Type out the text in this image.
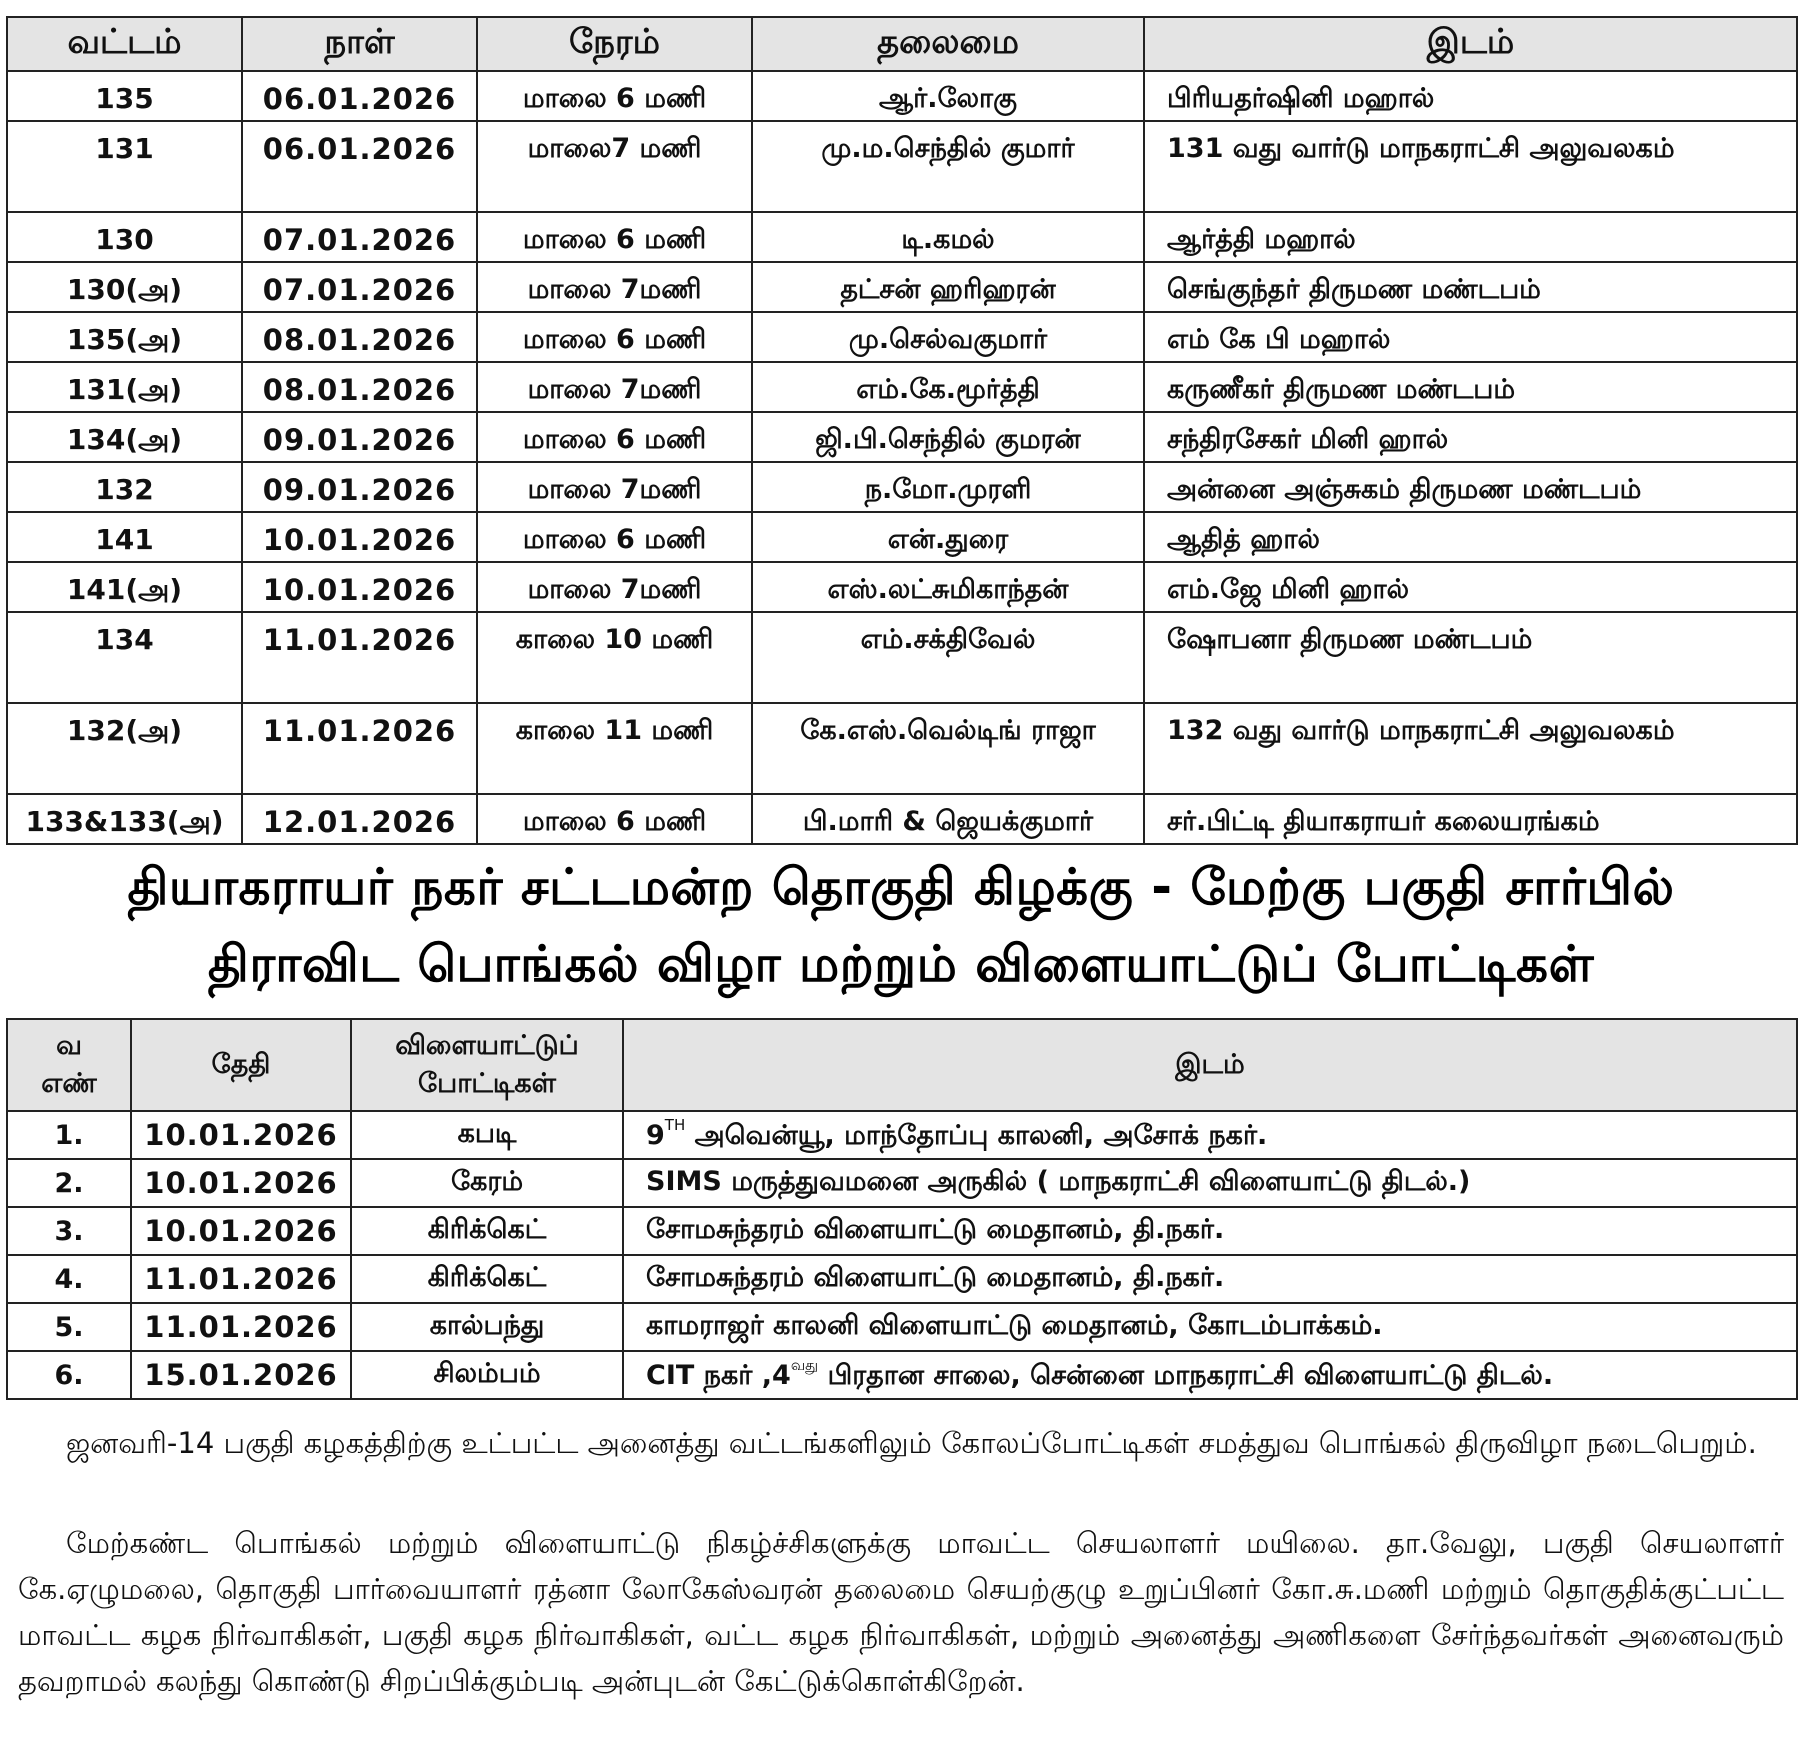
வட்டம்	நாள்	நேரம்	தலைமை	இடம்
135	06.01.2026	மாலை 6 மணி	ஆர்.லோகு	பிரியதர்ஷினி மஹால்
131	06.01.2026	மாலை7 மணி	மு.ம.செந்தில் குமார்	131 வது வார்டு மாநகராட்சி அலுவலகம்
130	07.01.2026	மாலை 6 மணி	டி.கமல்	ஆர்த்தி மஹால்
130(அ)	07.01.2026	மாலை 7மணி	தட்சன் ஹரிஹரன்	செங்குந்தர் திருமண மண்டபம்
135(அ)	08.01.2026	மாலை 6 மணி	மு.செல்வகுமார்	எம் கே பி மஹால்
131(அ)	08.01.2026	மாலை 7மணி	எம்.கே.மூர்த்தி	கருணீகர் திருமண மண்டபம்
134(அ)	09.01.2026	மாலை 6 மணி	ஜி.பி.செந்தில் குமரன்	சந்திரசேகர் மினி ஹால்
132	09.01.2026	மாலை 7மணி	ந.மோ.முரளி	அன்னை அஞ்சுகம் திருமண மண்டபம்
141	10.01.2026	மாலை 6 மணி	என்.துரை	ஆதித் ஹால்
141(அ)	10.01.2026	மாலை 7மணி	எஸ்.லட்சுமிகாந்தன்	எம்.ஜே மினி ஹால்
134	11.01.2026	காலை 10 மணி	எம்.சக்திவேல்	ஷோபனா திருமண மண்டபம்
132(அ)	11.01.2026	காலை 11 மணி	கே.எஸ்.வெல்டிங் ராஜா	132 வது வார்டு மாநகராட்சி அலுவலகம்
133&133(அ)	12.01.2026	மாலை 6 மணி	பி.மாரி & ஜெயக்குமார்	சர்.பிட்டி தியாகராயர் கலையரங்கம்
தியாகராயர் நகர் சட்டமன்ற தொகுதி கிழக்கு - மேற்கு பகுதி சார்பில்
திராவிட பொங்கல் விழா மற்றும் விளையாட்டுப் போட்டிகள்
வ எண்	தேதி	விளையாட்டுப் போட்டிகள்	இடம்
1.	10.01.2026	கபடி	9TH அவென்யூ, மாந்தோப்பு காலனி, அசோக் நகர்.
2.	10.01.2026	கேரம்	SIMS மருத்துவமனை அருகில் ( மாநகராட்சி விளையாட்டு திடல்.)
3.	10.01.2026	கிரிக்கெட்	சோமசுந்தரம் விளையாட்டு மைதானம், தி.நகர்.
4.	11.01.2026	கிரிக்கெட்	சோமசுந்தரம் விளையாட்டு மைதானம், தி.நகர்.
5.	11.01.2026	கால்பந்து	காமராஜர் காலனி விளையாட்டு மைதானம், கோடம்பாக்கம்.
6.	15.01.2026	சிலம்பம்	CIT நகர் $,4^{வது}$ பிரதான சாலை, சென்னை மாநகராட்சி விளையாட்டு திடல்.

ஜனவரி-14 பகுதி கழகத்திற்கு உட்பட்ட அனைத்து வட்டங்களிலும் கோலப்போட்டிகள் சமத்துவ பொங்கல் திருவிழா நடைபெறும்.

மேற்கண்ட பொங்கல் மற்றும் விளையாட்டு நிகழ்ச்சிகளுக்கு மாவட்ட செயலாளர் மயிலை. தா.வேலு, பகுதி செயலாளர் கே.ஏழுமலை, தொகுதி பார்வையாளர் ரத்னா லோகேஸ்வரன் தலைமை செயற்குழு உறுப்பினர் கோ.சு.மணி மற்றும் தொகுதிக்குட்பட்ட மாவட்ட கழக நிர்வாகிகள், பகுதி கழக நிர்வாகிகள், வட்ட கழக நிர்வாகிகள், மற்றும் அனைத்து அணிகளை சேர்ந்தவர்கள் அனைவரும் தவறாமல் கலந்து கொண்டு சிறப்பிக்கும்படி அன்புடன் கேட்டுக்கொள்கிறேன்.
